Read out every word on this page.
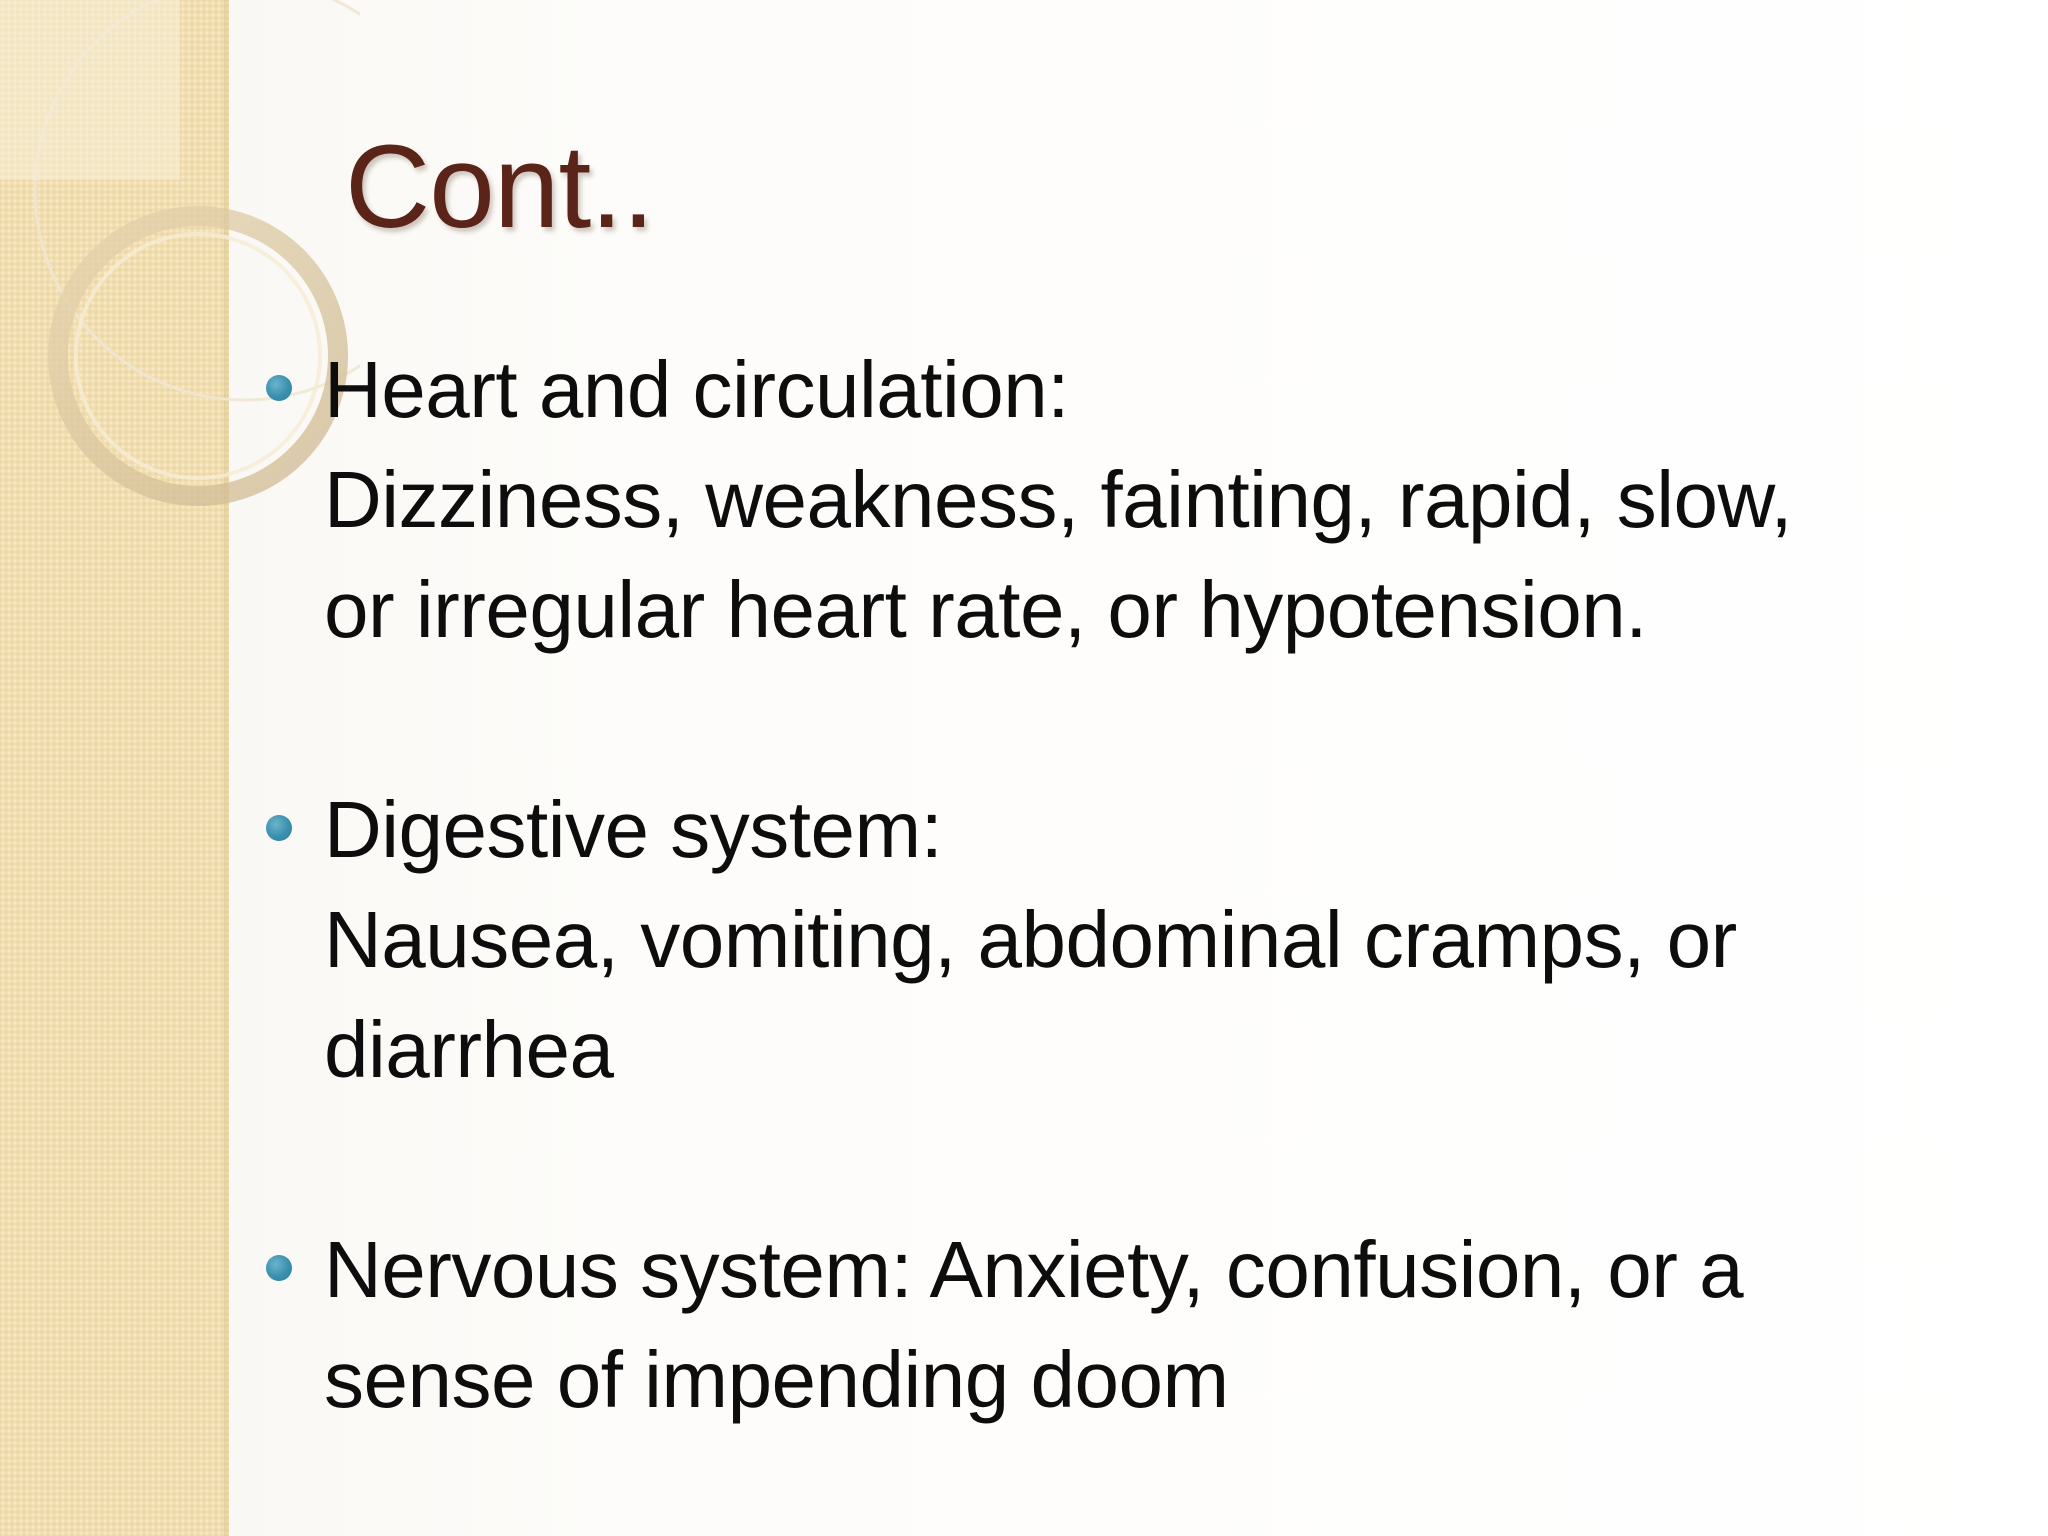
Cont..
Heart and circulation:
Dizziness, weakness, fainting, rapid, slow,
or irregular heart rate, or hypotension.
Digestive system:
Nausea, vomiting, abdominal cramps, or
diarrhea
Nervous system: Anxiety, confusion, or a
sense of impending doom
